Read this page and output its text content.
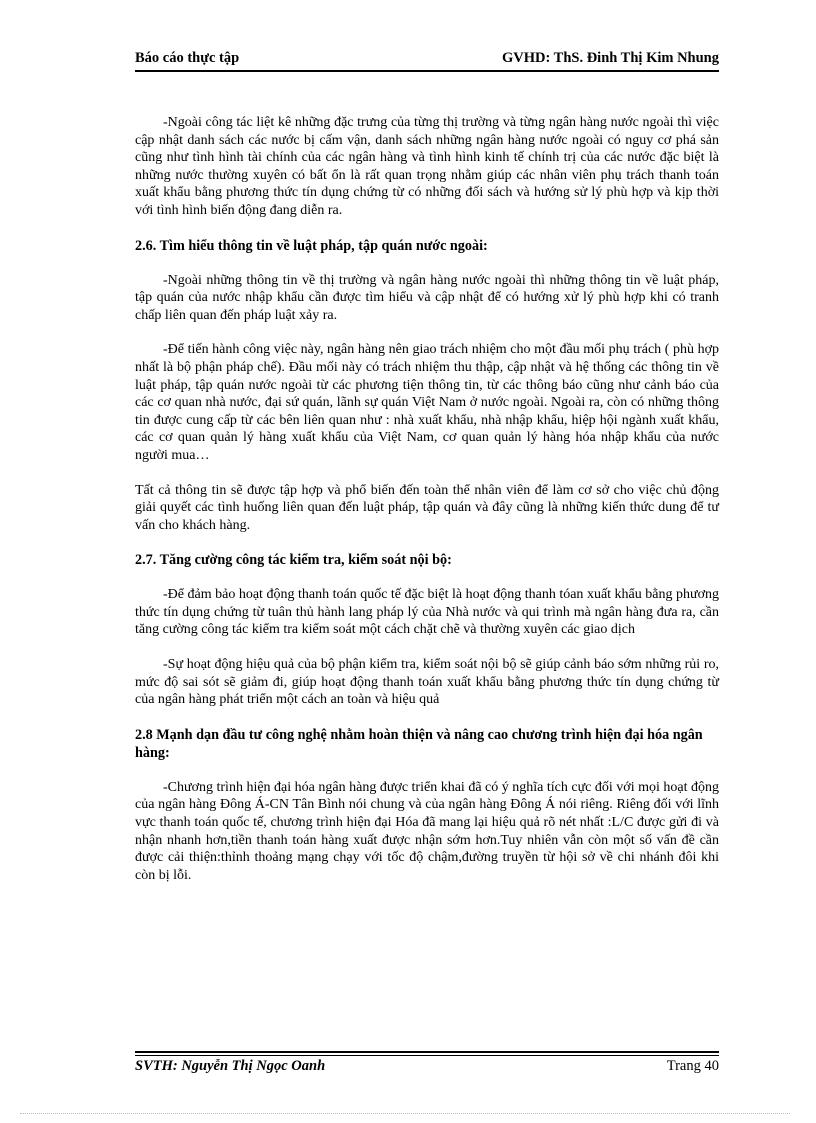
Báo cáo thực tập	GVHD: ThS. Đinh Thị Kim Nhung

-Ngoài công tác liệt kê những đặc trưng của từng thị trường và từng ngân hàng nước ngoài thì việc cập nhật danh sách các nước bị cấm vận, danh sách những ngân hàng nước ngoài có nguy cơ phá sản cũng như tình hình tài chính của các ngân hàng và tình hình kinh tế chính trị của các nước đặc biệt là những nước thường xuyên có bất ổn là rất quan trọng nhằm giúp các nhân viên phụ trách thanh toán xuất khẩu bằng phương thức tín dụng chứng từ có những đối sách và hướng sử lý phù hợp và kịp thời với tình hình biến động đang diễn ra.

2.6. Tìm hiểu thông tin về luật pháp, tập quán nước ngoài:

-Ngoài những thông tin về thị trường và ngân hàng nước ngoài thì những thông tin về luật pháp, tập quán của nước nhập khẩu cần được tìm hiểu và cập nhật để có hướng xử lý phù hợp khi có tranh chấp liên quan đến pháp luật xảy ra.

-Để tiến hành công việc này, ngân hàng nên giao trách nhiệm cho một đầu mối phụ trách ( phù hợp nhất là bộ phận pháp chế). Đầu mối này có trách nhiệm thu thập, cập nhật và hệ thống các thông tin về luật pháp, tập quán nước ngoài từ các phương tiện thông tin, từ các thông báo cũng như cảnh báo của các cơ quan nhà nước, đại sứ quán, lãnh sự quán Việt Nam ở nước ngoài. Ngoài ra, còn có những thông tin được cung cấp từ các bên liên quan như : nhà xuất khẩu, nhà nhập khẩu, hiệp hội ngành xuất khẩu, các cơ quan quản lý hàng xuất khẩu của Việt Nam, cơ quan quản lý hàng hóa nhập khẩu của nước người mua…

Tất cả thông tin sẽ được tập hợp và phổ biến đến toàn thể nhân viên để làm cơ sở cho việc chủ động giải quyết các tình huống liên quan đến luật pháp, tập quán và đây cũng là những kiến thức dung để tư vấn cho khách hàng.

2.7. Tăng cường công tác kiểm tra, kiểm soát nội bộ:

-Để đảm bảo hoạt động thanh toán quốc tế đặc biệt là hoạt động thanh tóan xuất khẩu bằng phương thức tín dụng chứng từ tuân thủ hành lang pháp lý của Nhà nước và qui trình mà ngân hàng đưa ra, cần tăng cường công tác kiểm tra kiểm soát một cách chặt chẽ và thường xuyên các giao dịch

-Sự hoạt động hiệu quả của bộ phận kiểm tra, kiểm soát nội bộ sẽ giúp cảnh báo sớm những rủi ro, mức độ sai sót sẽ giảm đi, giúp hoạt động thanh toán xuất khẩu bằng phương thức tín dụng chứng từ của ngân hàng phát triển một cách an toàn và hiệu quả

2.8 Mạnh dạn đầu tư công nghệ nhằm hoàn thiện và nâng cao chương trình hiện đại hóa ngân hàng:

-Chương trình hiện đại hóa ngân hàng được triển khai đã có ý nghĩa tích cực đối với mọi hoạt động của ngân hàng Đông Á-CN Tân Bình nói chung và của ngân hàng Đông Á nói riêng. Riêng đối với lĩnh vực thanh toán quốc tế, chương trình hiện đại Hóa đã mang lại hiệu quả rõ nét nhất :L/C được gửi đi và nhận nhanh hơn,tiền thanh toán hàng xuất được nhận sớm hơn.Tuy nhiên vẫn còn một số vấn đề cần được cải thiện:thỉnh thoảng mạng chạy với tốc độ chậm,đường truyền từ hội sở về chi nhánh đôi khi còn bị lỗi.

SVTH: Nguyễn Thị Ngọc Oanh	Trang 40
